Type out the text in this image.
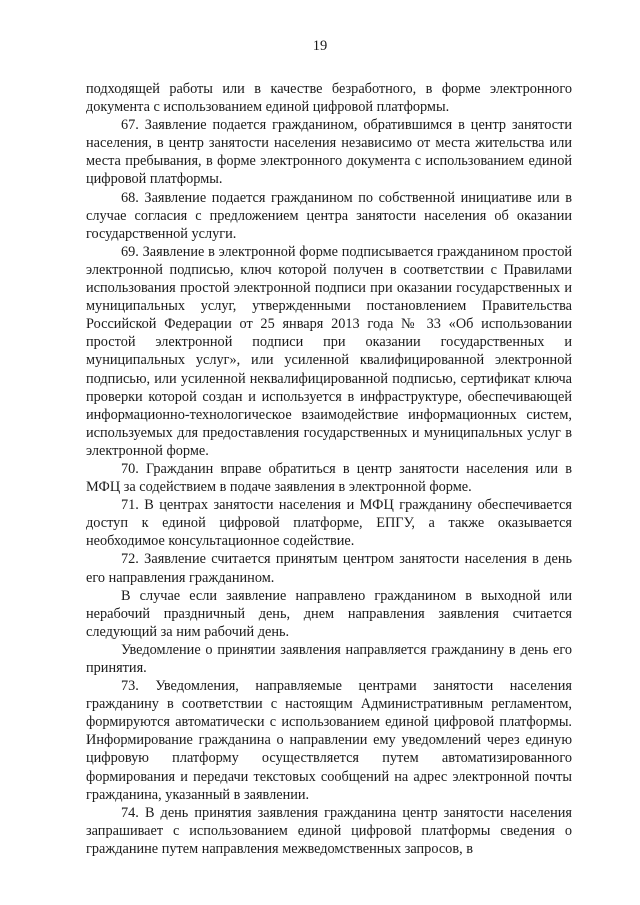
19

подходящей работы или в качестве безработного, в форме электронного документа с использованием единой цифровой платформы.

67. Заявление подается гражданином, обратившимся в центр занятости населения, в центр занятости населения независимо от места жительства или места пребывания, в форме электронного документа с использованием единой цифровой платформы.

68. Заявление подается гражданином по собственной инициативе или в случае согласия с предложением центра занятости населения об оказании государственной услуги.

69. Заявление в электронной форме подписывается гражданином простой электронной подписью, ключ которой получен в соответствии с Правилами использования простой электронной подписи при оказании государственных и муниципальных услуг, утвержденными постановлением Правительства Российской Федерации от 25 января 2013 года № 33 «Об использовании простой электронной подписи при оказании государственных и муниципальных услуг», или усиленной квалифицированной электронной подписью, или усиленной неквалифицированной подписью, сертификат ключа проверки которой создан и используется в инфраструктуре, обеспечивающей информационно-технологическое взаимодействие информационных систем, используемых для предоставления государственных и муниципальных услуг в электронной форме.

70. Гражданин вправе обратиться в центр занятости населения или в МФЦ за содействием в подаче заявления в электронной форме.

71. В центрах занятости населения и МФЦ гражданину обеспечивается доступ к единой цифровой платформе, ЕПГУ, а также оказывается необходимое консультационное содействие.

72. Заявление считается принятым центром занятости населения в день его направления гражданином.

В случае если заявление направлено гражданином в выходной или нерабочий праздничный день, днем направления заявления считается следующий за ним рабочий день.

Уведомление о принятии заявления направляется гражданину в день его принятия.

73. Уведомления, направляемые центрами занятости населения гражданину в соответствии с настоящим Административным регламентом, формируются автоматически с использованием единой цифровой платформы. Информирование гражданина о направлении ему уведомлений через единую цифровую платформу осуществляется путем автоматизированного формирования и передачи текстовых сообщений на адрес электронной почты гражданина, указанный в заявлении.

74. В день принятия заявления гражданина центр занятости населения запрашивает с использованием единой цифровой платформы сведения о гражданине путем направления межведомственных запросов, в
